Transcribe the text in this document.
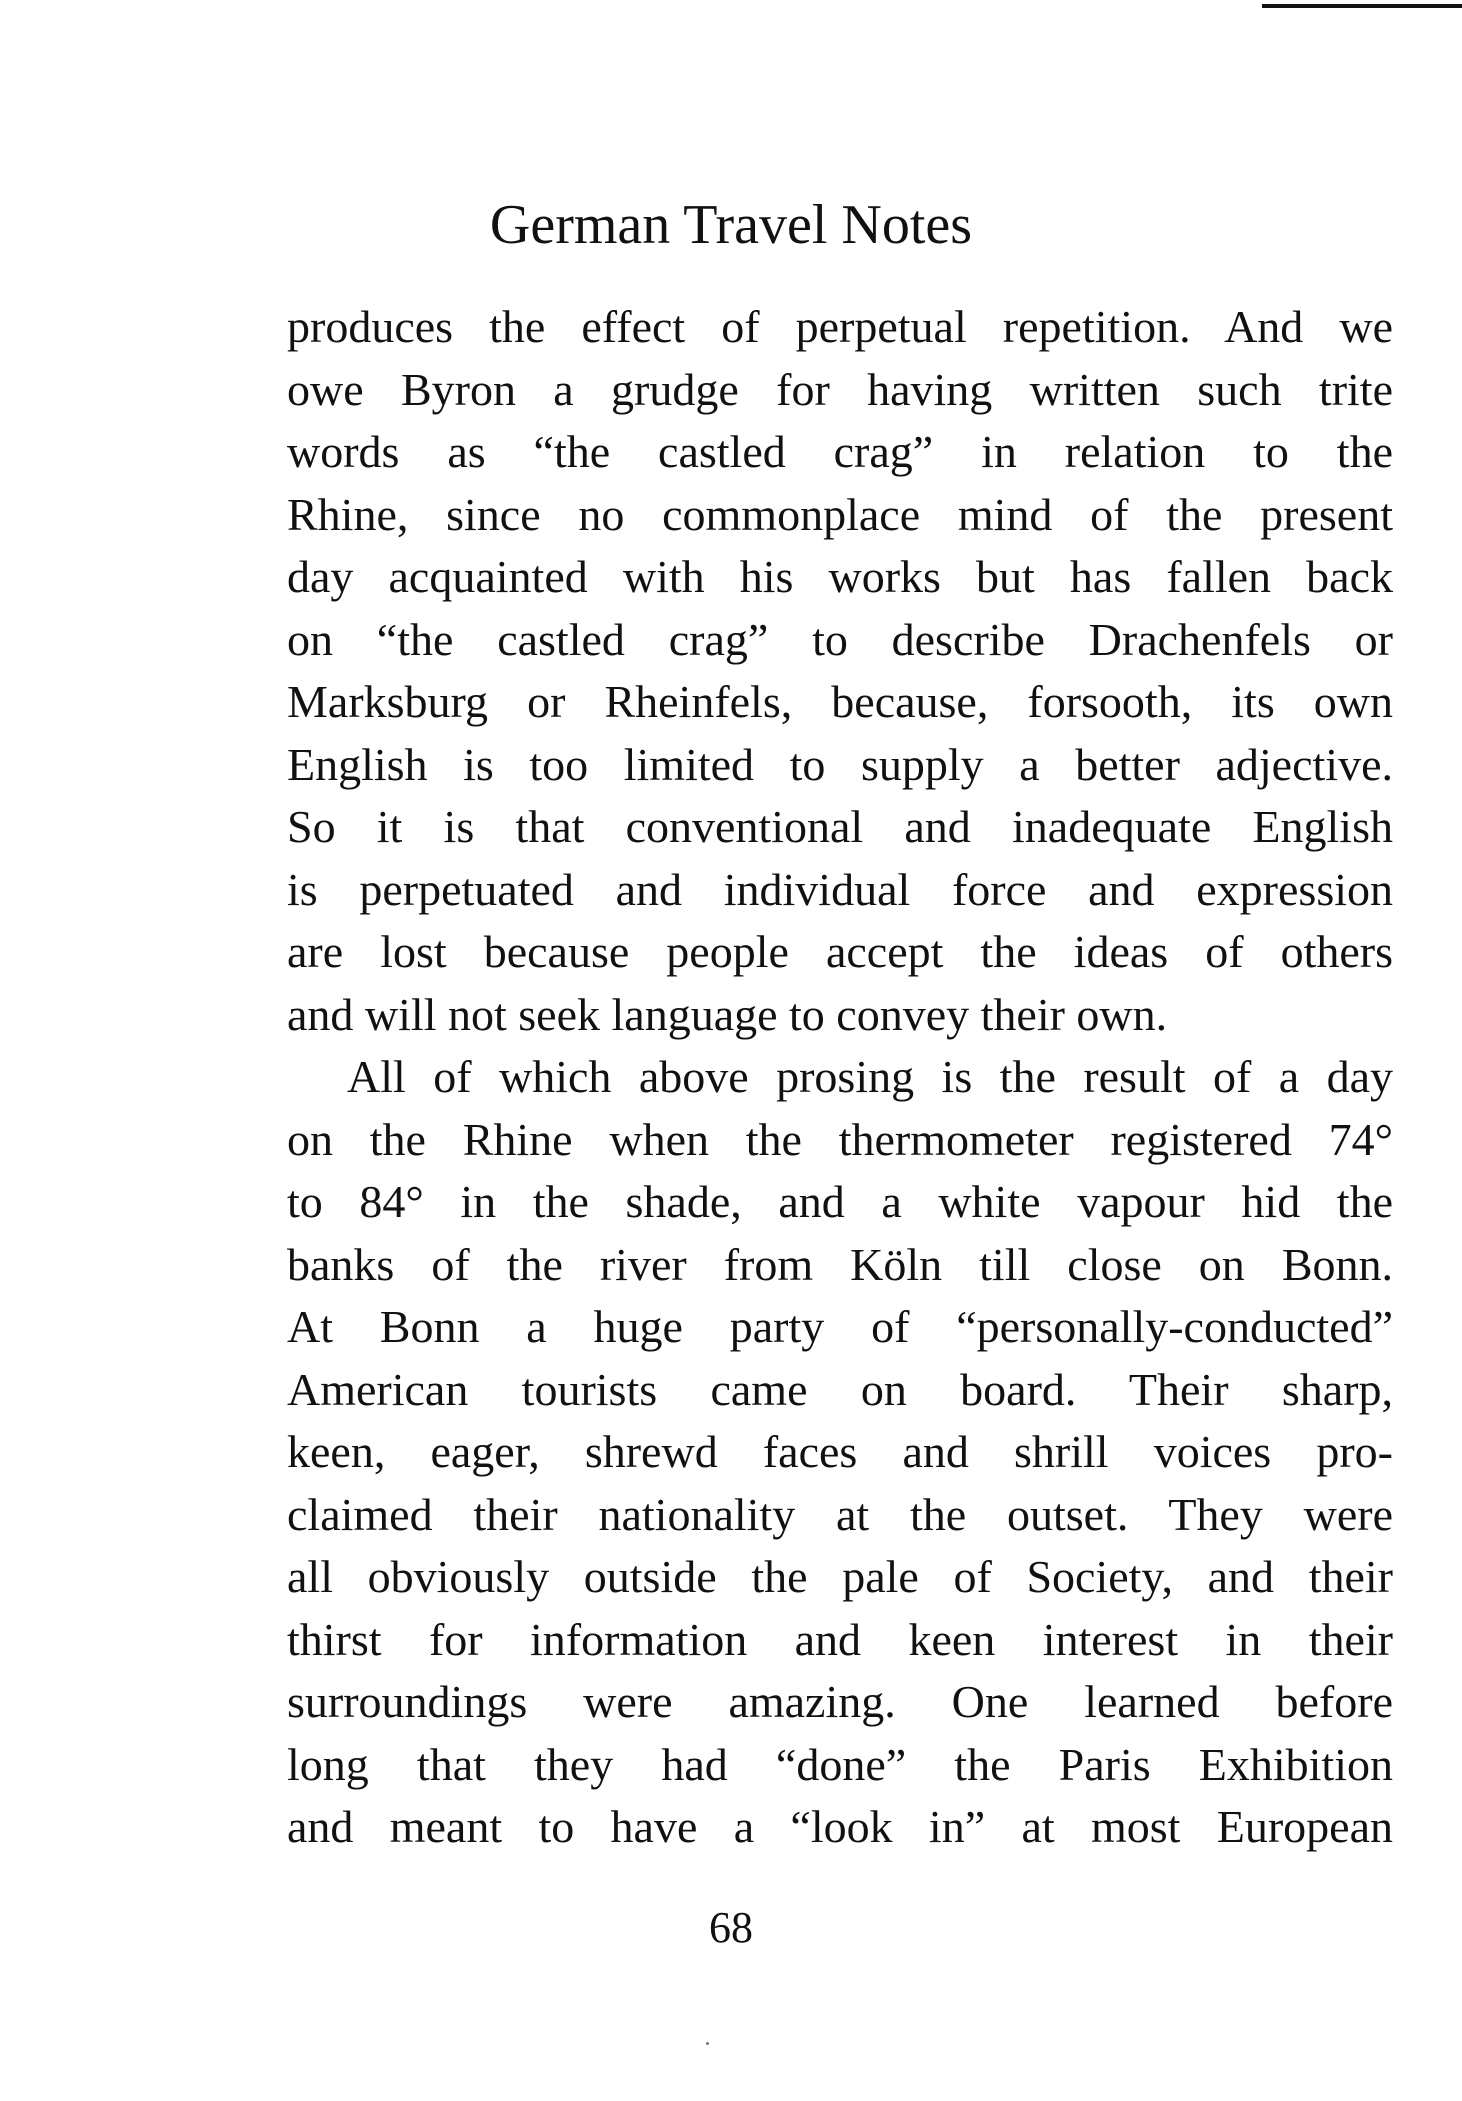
German Travel Notes
produces the effect of perpetual repetition. And we
owe Byron a grudge for having written such trite
words as “the castled crag” in relation to the
Rhine, since no commonplace mind of the present
day acquainted with his works but has fallen back
on “the castled crag” to describe Drachenfels or
Marksburg or Rheinfels, because, forsooth, its own
English is too limited to supply a better adjective.
So it is that conventional and inadequate English
is perpetuated and individual force and expression
are lost because people accept the ideas of others
and will not seek language to convey their own.
All of which above prosing is the result of a day
on the Rhine when the thermometer registered 74°
to 84° in the shade, and a white vapour hid the
banks of the river from Köln till close on Bonn.
At Bonn a huge party of “personally-conducted”
American tourists came on board. Their sharp,
keen, eager, shrewd faces and shrill voices pro-
claimed their nationality at the outset. They were
all obviously outside the pale of Society, and their
thirst for information and keen interest in their
surroundings were amazing. One learned before
long that they had “done” the Paris Exhibition
and meant to have a “look in” at most European
68
